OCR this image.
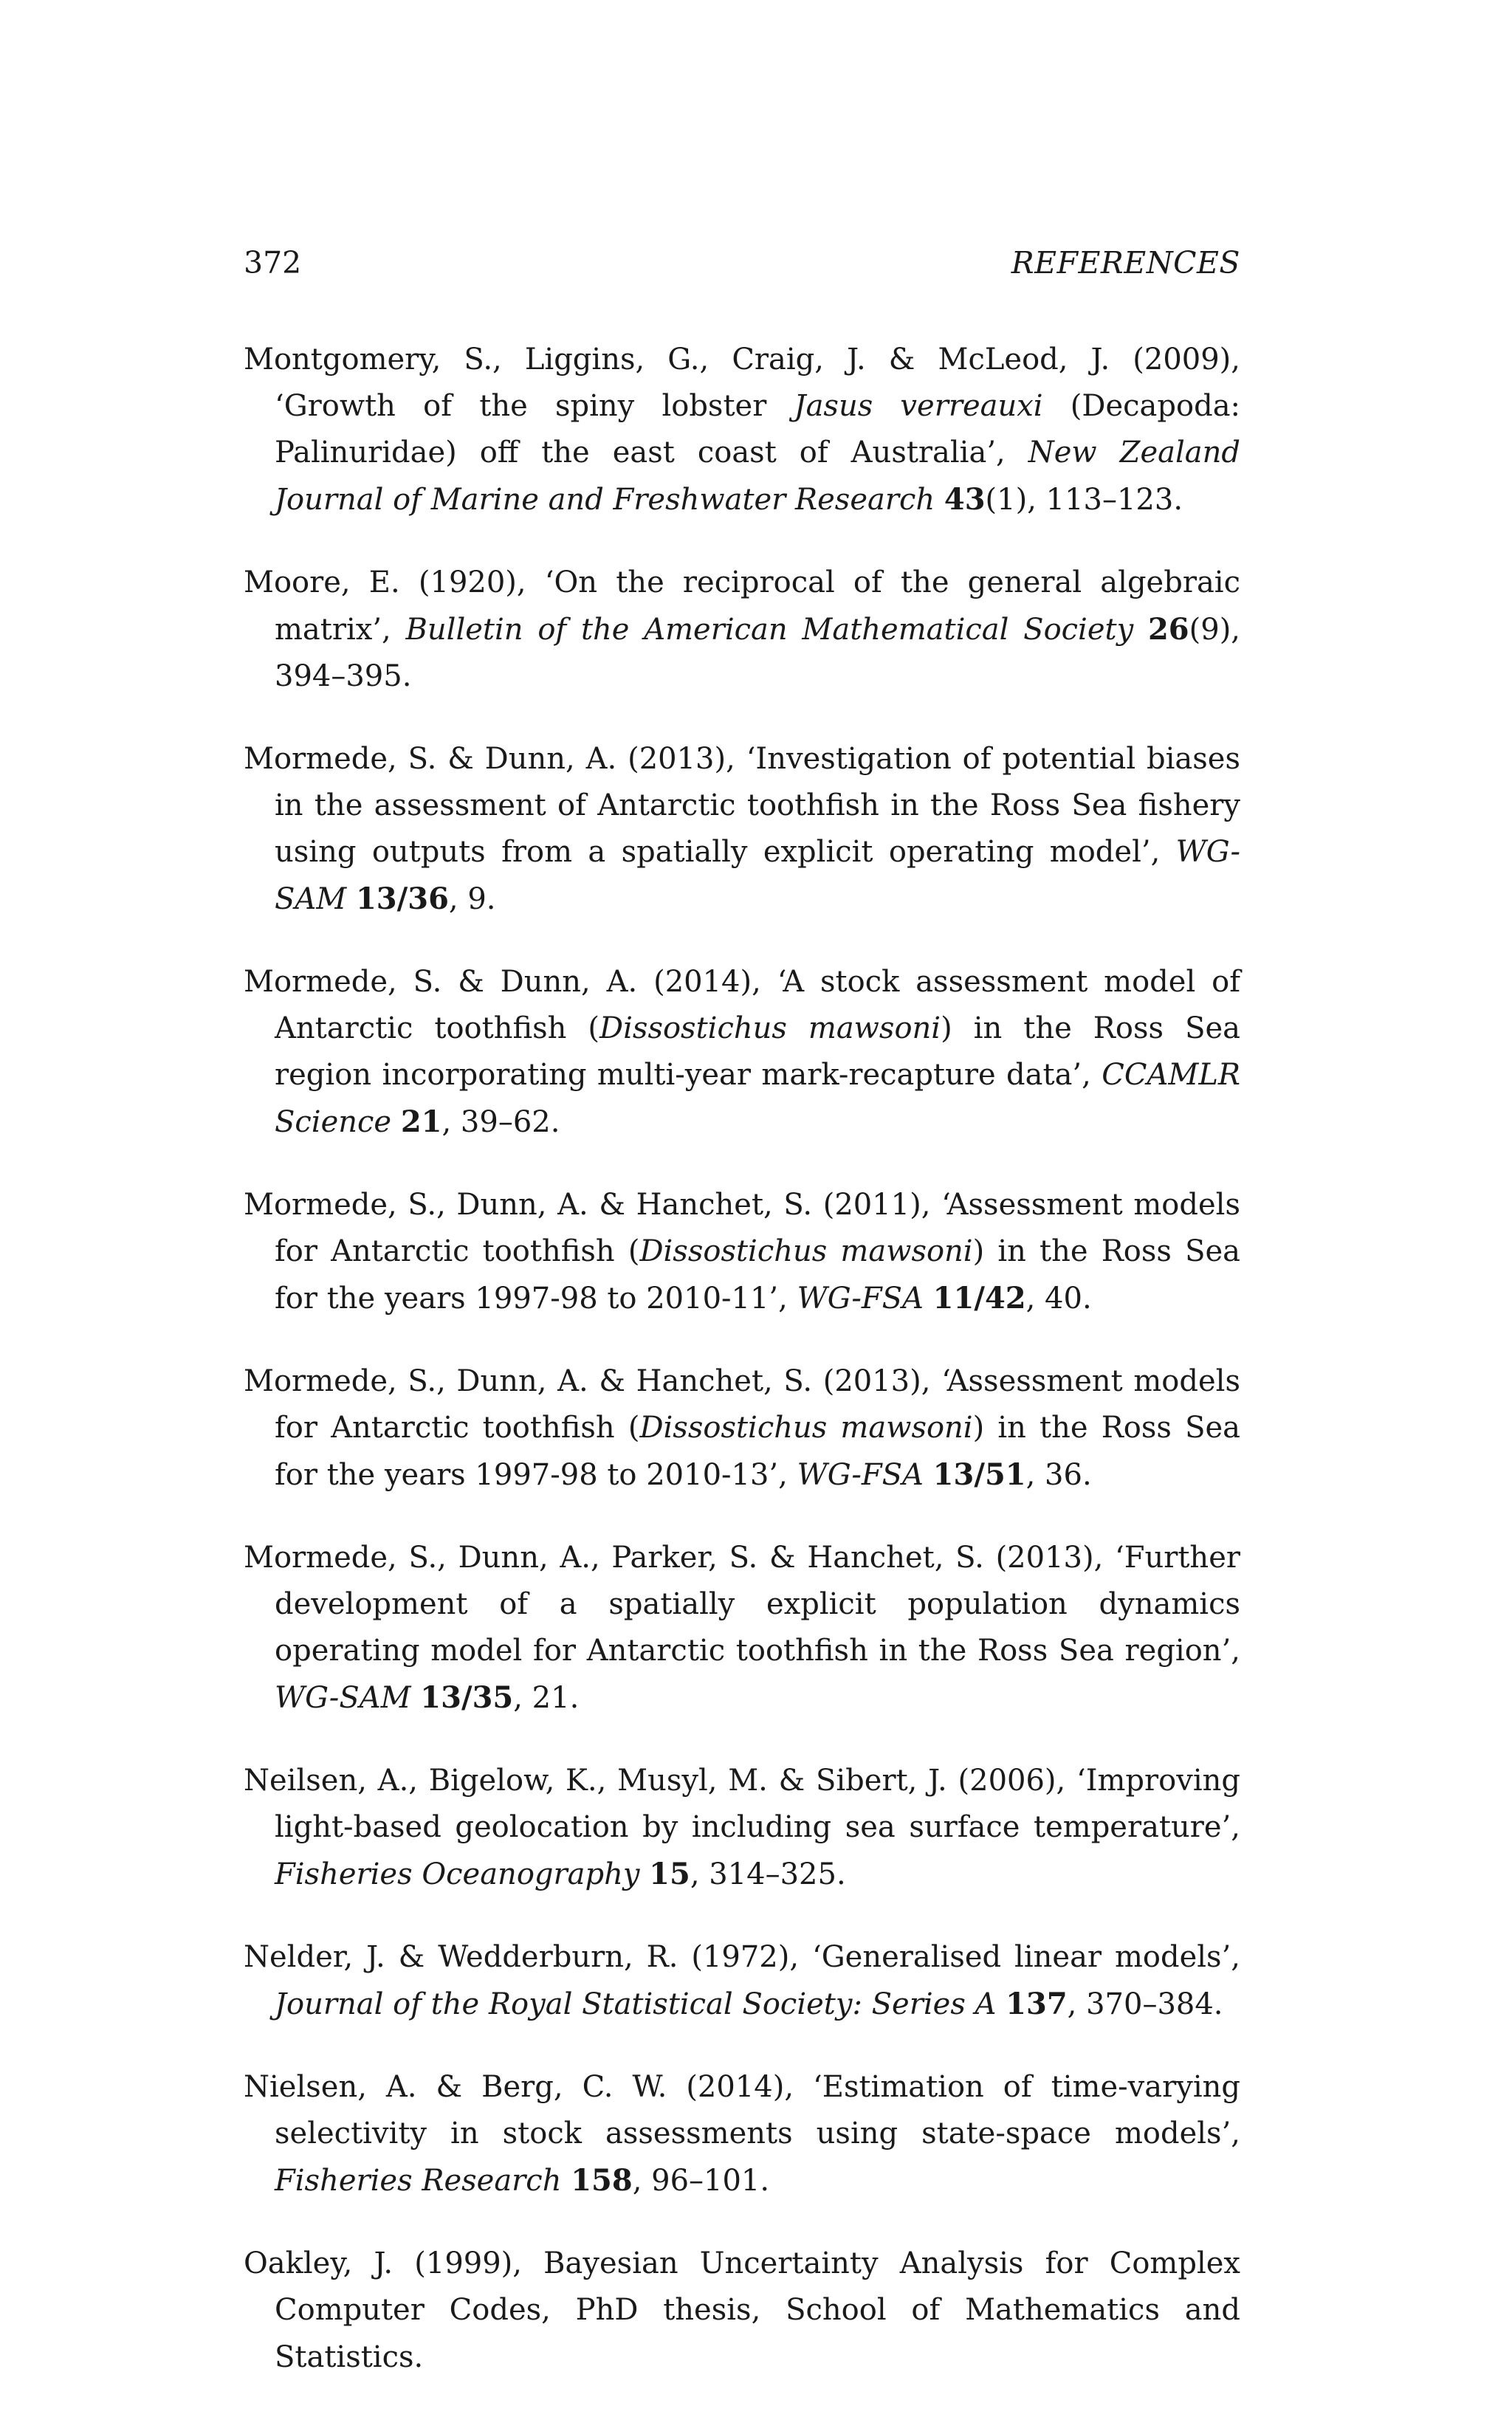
372	REFERENCES
Montgomery, S., Liggins, G., Craig, J. & McLeod, J. (2009), ‘Growth of the spiny lobster Jasus verreauxi (Decapoda: Palinuridae) off the east coast of Australia’, New Zealand Journal of Marine and Freshwater Research 43(1), 113–123.
Moore, E. (1920), ‘On the reciprocal of the general algebraic matrix’, Bulletin of the American Mathematical Society 26(9), 394–395.
Mormede, S. & Dunn, A. (2013), ‘Investigation of potential biases in the assessment of Antarctic toothfish in the Ross Sea fishery using outputs from a spatially explicit operating model’, WG-SAM 13/36, 9.
Mormede, S. & Dunn, A. (2014), ‘A stock assessment model of Antarctic toothfish (Dissostichus mawsoni) in the Ross Sea region incorporating multi-year mark-recapture data’, CCAMLR Science 21, 39–62.
Mormede, S., Dunn, A. & Hanchet, S. (2011), ‘Assessment models for Antarctic toothfish (Dissostichus mawsoni) in the Ross Sea for the years 1997-98 to 2010-11’, WG-FSA 11/42, 40.
Mormede, S., Dunn, A. & Hanchet, S. (2013), ‘Assessment models for Antarctic toothfish (Dissostichus mawsoni) in the Ross Sea for the years 1997-98 to 2010-13’, WG-FSA 13/51, 36.
Mormede, S., Dunn, A., Parker, S. & Hanchet, S. (2013), ‘Further development of a spatially explicit population dynamics operating model for Antarctic toothfish in the Ross Sea region’, WG-SAM 13/35, 21.
Neilsen, A., Bigelow, K., Musyl, M. & Sibert, J. (2006), ‘Improving light-based geolocation by including sea surface temperature’, Fisheries Oceanography 15, 314–325.
Nelder, J. & Wedderburn, R. (1972), ‘Generalised linear models’, Journal of the Royal Statistical Society: Series A 137, 370–384.
Nielsen, A. & Berg, C. W. (2014), ‘Estimation of time-varying selectivity in stock assessments using state-space models’, Fisheries Research 158, 96–101.
Oakley, J. (1999), Bayesian Uncertainty Analysis for Complex Computer Codes, PhD thesis, School of Mathematics and Statistics.
